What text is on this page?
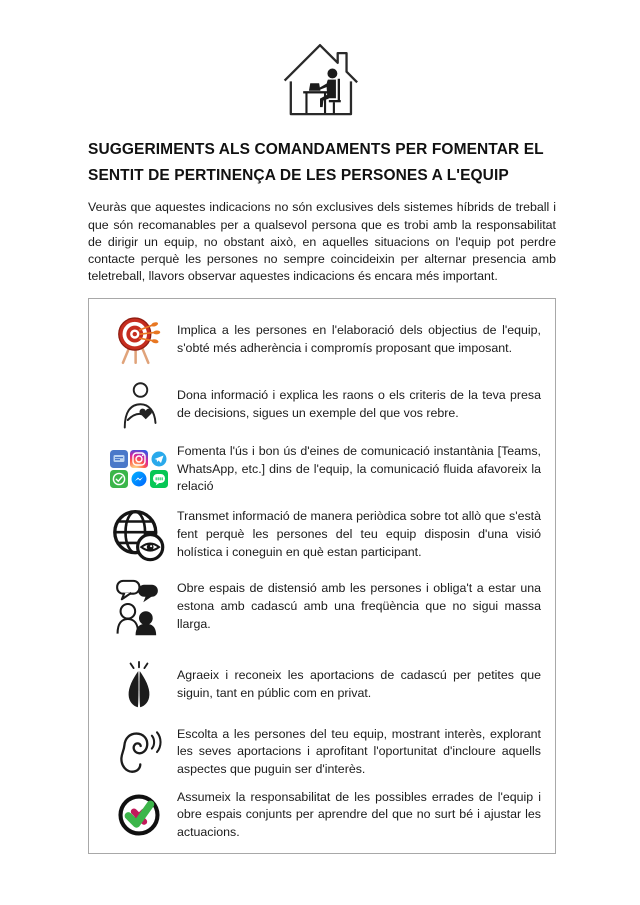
SUGGERIMENTS ALS COMANDAMENTS PER FOMENTAR EL
SENTIT DE PERTINENÇA DE LES PERSONES A L'EQUIP

Veuràs que aquestes indicacions no són exclusives dels sistemes híbrids de treball i que són recomanables per a qualsevol persona que es trobi amb la responsabilitat de dirigir un equip, no obstant això, en aquelles situacions on l'equip pot perdre contacte perquè les persones no sempre coincideixin per alternar presencia amb teletreball, llavors observar aquestes indicacions és encara més important.

Implica a les persones en l'elaboració dels objectius de l'equip, s'obté més adherència i compromís proposant que imposant.
Dona informació i explica les raons o els criteris de la teva presa de decisions, sigues un exemple del que vos rebre.
Fomenta l'ús i bon ús d'eines de comunicació instantània [Teams, WhatsApp, etc.] dins de l'equip, la comunicació fluida afavoreix la relació
Transmet informació de manera periòdica sobre tot allò que s'està fent perquè les persones del teu equip disposin d'una visió holística i coneguin en què estan participant.
Obre espais de distensió amb les persones i obliga't a estar una estona amb cadascú amb una freqüència que no sigui massa llarga.
Agraeix i reconeix les aportacions de cadascú per petites que siguin, tant en públic com en privat.
Escolta a les persones del teu equip, mostrant interès, explorant les seves aportacions i aprofitant l'oportunitat d'incloure aquells aspectes que puguin ser d'interès.
Assumeix la responsabilitat de les possibles errades de l'equip i obre espais conjunts per aprendre del que no surt bé i ajustar les actuacions.
